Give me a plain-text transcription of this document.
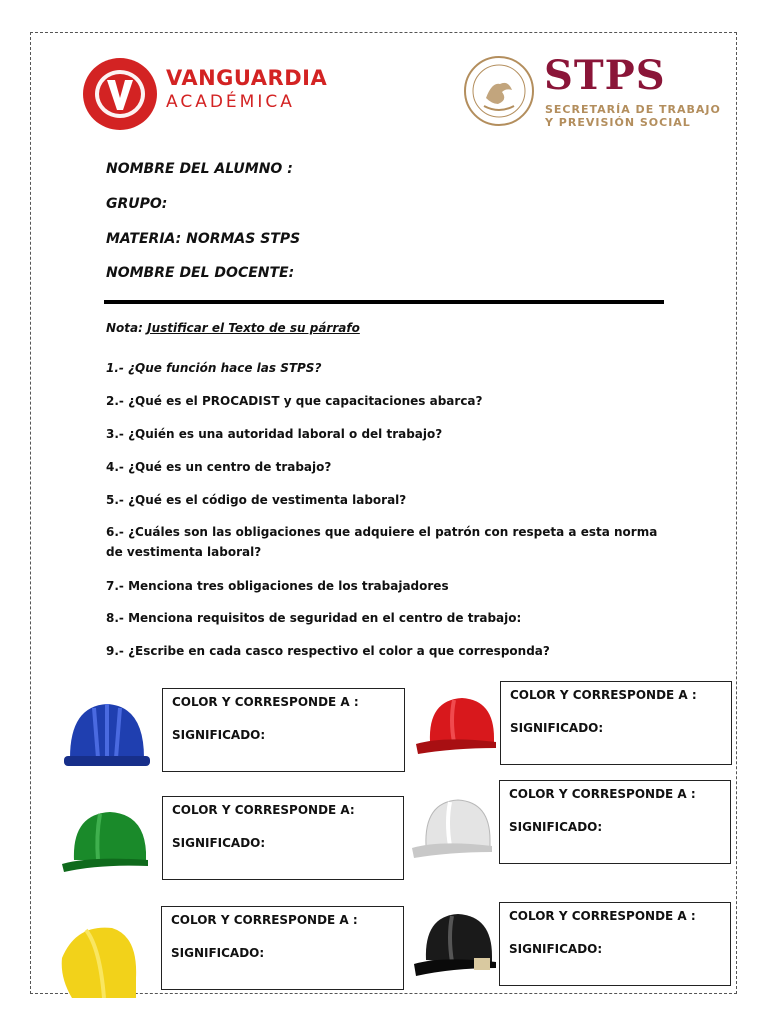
VANGUARDIA
ACADÉMICA
STPS
SECRETARÍA DE TRABAJO
Y PREVISIÓN SOCIAL
NOMBRE DEL ALUMNO :
GRUPO:
MATERIA: NORMAS STPS
NOMBRE DEL DOCENTE:
Nota: Justificar el Texto de su párrafo
1.- ¿Que función hace las STPS?
2.- ¿Qué es el PROCADIST y que capacitaciones abarca?
3.- ¿Quién es una autoridad laboral o del trabajo?
4.- ¿Qué es un centro de trabajo?
5.- ¿Qué es el código de vestimenta laboral?
6.- ¿Cuáles son las obligaciones que adquiere el patrón con respeta a esta norma de vestimenta laboral?
7.- Menciona tres obligaciones de los trabajadores
8.- Menciona requisitos de seguridad en el centro de trabajo:
9.- ¿Escribe en cada casco respectivo el color a que corresponda?
COLOR Y CORRESPONDE A :
SIGNIFICADO:
COLOR Y CORRESPONDE A :
SIGNIFICADO:
COLOR Y CORRESPONDE A:
SIGNIFICADO:
COLOR Y CORRESPONDE A :
SIGNIFICADO:
COLOR Y CORRESPONDE A :
SIGNIFICADO:
COLOR Y CORRESPONDE A :
SIGNIFICADO:
